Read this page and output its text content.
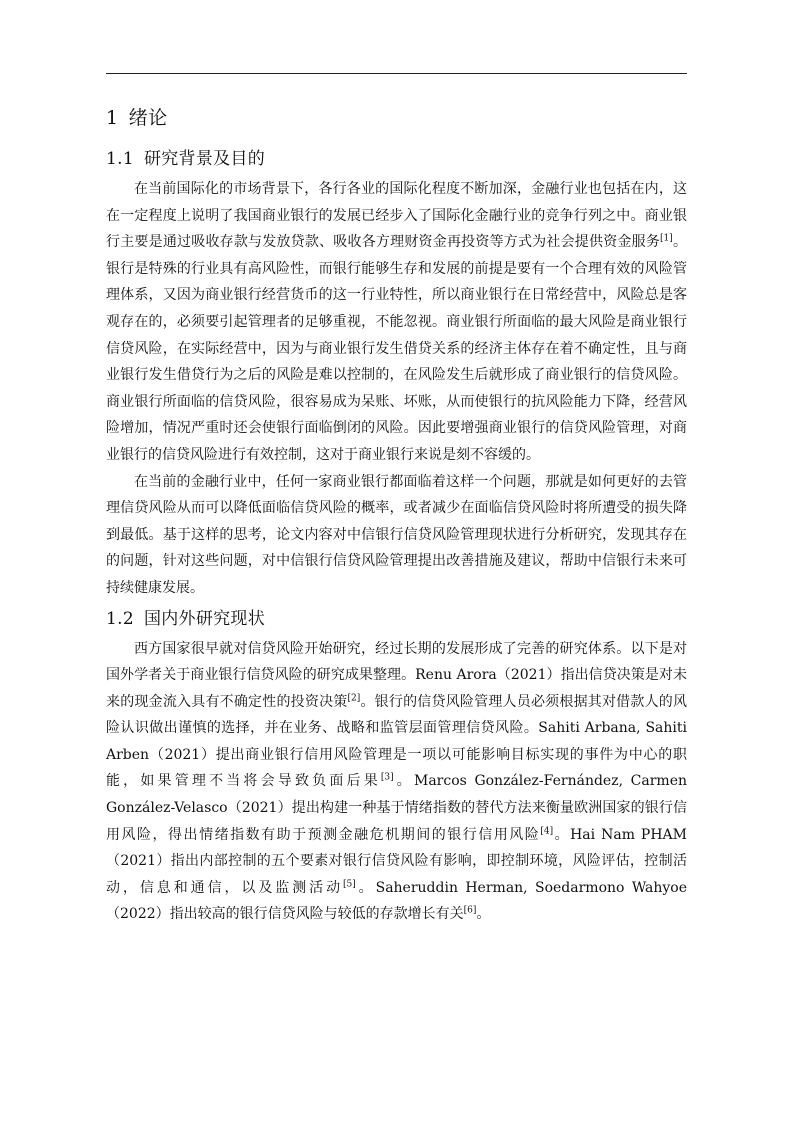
1 绪论
1.1 研究背景及目的

在当前国际化的市场背景下，各行各业的国际化程度不断加深，金融行业也包括在内，这在一定程度上说明了我国商业银行的发展已经步入了国际化金融行业的竞争行列之中。商业银行主要是通过吸收存款与发放贷款、吸收各方理财资金再投资等方式为社会提供资金服务[1]。银行是特殊的行业具有高风险性，而银行能够生存和发展的前提是要有一个合理有效的风险管理体系，又因为商业银行经营货币的这一行业特性，所以商业银行在日常经营中，风险总是客观存在的，必须要引起管理者的足够重视，不能忽视。商业银行所面临的最大风险是商业银行信贷风险，在实际经营中，因为与商业银行发生借贷关系的经济主体存在着不确定性，且与商业银行发生借贷行为之后的风险是难以控制的，在风险发生后就形成了商业银行的信贷风险。商业银行所面临的信贷风险，很容易成为呆账、坏账，从而使银行的抗风险能力下降，经营风险增加，情况严重时还会使银行面临倒闭的风险。因此要增强商业银行的信贷风险管理，对商业银行的信贷风险进行有效控制，这对于商业银行来说是刻不容缓的。

在当前的金融行业中，任何一家商业银行都面临着这样一个问题，那就是如何更好的去管理信贷风险从而可以降低面临信贷风险的概率，或者减少在面临信贷风险时将所遭受的损失降到最低。基于这样的思考，论文内容对中信银行信贷风险管理现状进行分析研究，发现其存在的问题，针对这些问题，对中信银行信贷风险管理提出改善措施及建议，帮助中信银行未来可持续健康发展。

1.2 国内外研究现状

西方国家很早就对信贷风险开始研究，经过长期的发展形成了完善的研究体系。以下是对国外学者关于商业银行信贷风险的研究成果整理。Renu Arora（2021）指出信贷决策是对未来的现金流入具有不确定性的投资决策[2]。银行的信贷风险管理人员必须根据其对借款人的风险认识做出谨慎的选择，并在业务、战略和监管层面管理信贷风险。Sahiti Arbana, Sahiti Arben（2021）提出商业银行信用风险管理是一项以可能影响目标实现的事件为中心的职能，如果管理不当将会导致负面后果[3]。Marcos González-Fernández, Carmen González-Velasco（2021）提出构建一种基于情绪指数的替代方法来衡量欧洲国家的银行信用风险，得出情绪指数有助于预测金融危机期间的银行信用风险[4]。Hai Nam PHAM（2021）指出内部控制的五个要素对银行信贷风险有影响，即控制环境，风险评估，控制活动，信息和通信，以及监测活动[5]。Saheruddin Herman, Soedarmono Wahyoe（2022）指出较高的银行信贷风险与较低的存款增长有关[6]。
